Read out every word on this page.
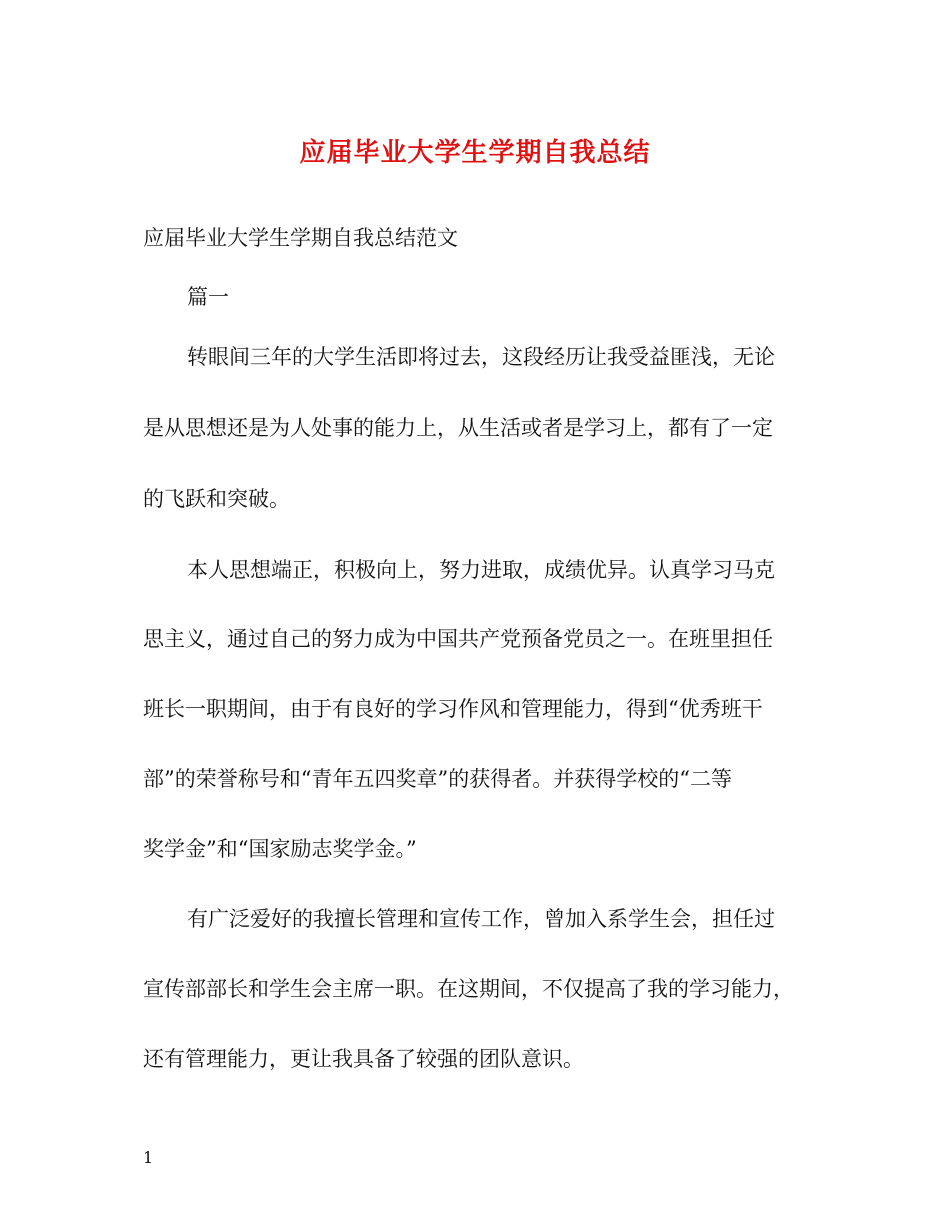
应届毕业大学生学期自我总结
应届毕业大学生学期自我总结范文
篇一
转眼间三年的大学生活即将过去，这段经历让我受益匪浅，无论
是从思想还是为人处事的能力上，从生活或者是学习上，都有了一定
的飞跃和突破。
本人思想端正，积极向上，努力进取，成绩优异。认真学习马克
思主义，通过自己的努力成为中国共产党预备党员之一。在班里担任
班长一职期间，由于有良好的学习作风和管理能力，得到“优秀班干
部”的荣誉称号和“青年五四奖章”的获得者。并获得学校的“二等
奖学金”和“国家励志奖学金。”
有广泛爱好的我擅长管理和宣传工作，曾加入系学生会，担任过
宣传部部长和学生会主席一职。在这期间，不仅提高了我的学习能力，
还有管理能力，更让我具备了较强的团队意识。
1
